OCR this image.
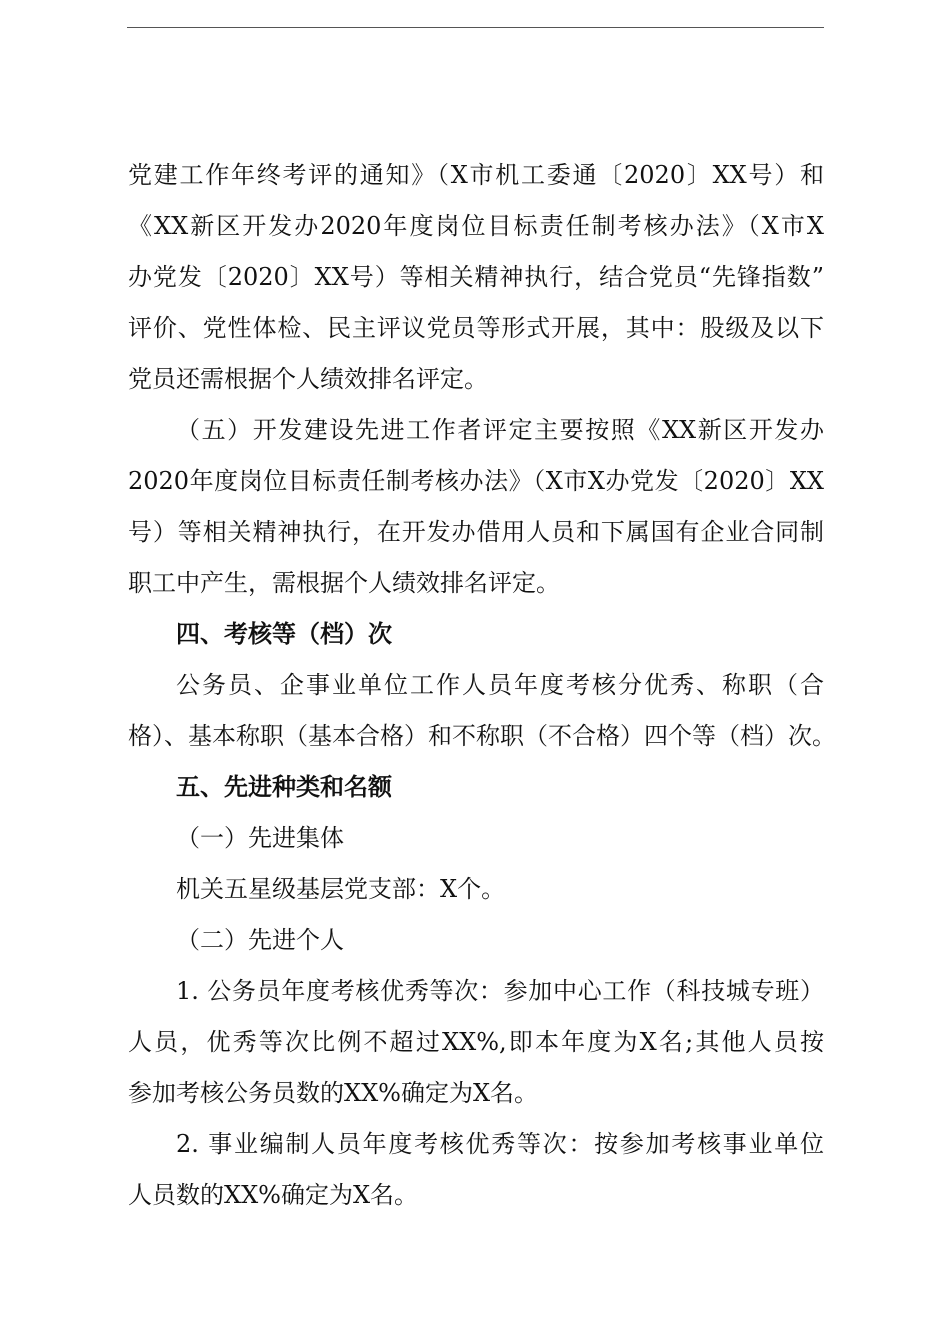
党建工作年终考评的通知》（X市机工委通〔2020〕XX号）和
《XX新区开发办2020年度岗位目标责任制考核办法》（X市X
办党发〔2020〕XX号）等相关精神执行，结合党员“先锋指数”
评价、党性体检、民主评议党员等形式开展，其中：股级及以下
党员还需根据个人绩效排名评定。
（五）开发建设先进工作者评定主要按照《XX新区开发办
2020年度岗位目标责任制考核办法》（X市X办党发〔2020〕XX
号）等相关精神执行，在开发办借用人员和下属国有企业合同制
职工中产生，需根据个人绩效排名评定。
四、考核等（档）次
公务员、企事业单位工作人员年度考核分优秀、称职（合
格）、基本称职（基本合格）和不称职（不合格）四个等（档）次。
五、先进种类和名额
（一）先进集体
机关五星级基层党支部：X个。
（二）先进个人
1. 公务员年度考核优秀等次：参加中心工作（科技城专班）
人员，优秀等次比例不超过XX%,即本年度为X名;其他人员按
参加考核公务员数的XX%确定为X名。
2. 事业编制人员年度考核优秀等次：按参加考核事业单位
人员数的XX%确定为X名。
